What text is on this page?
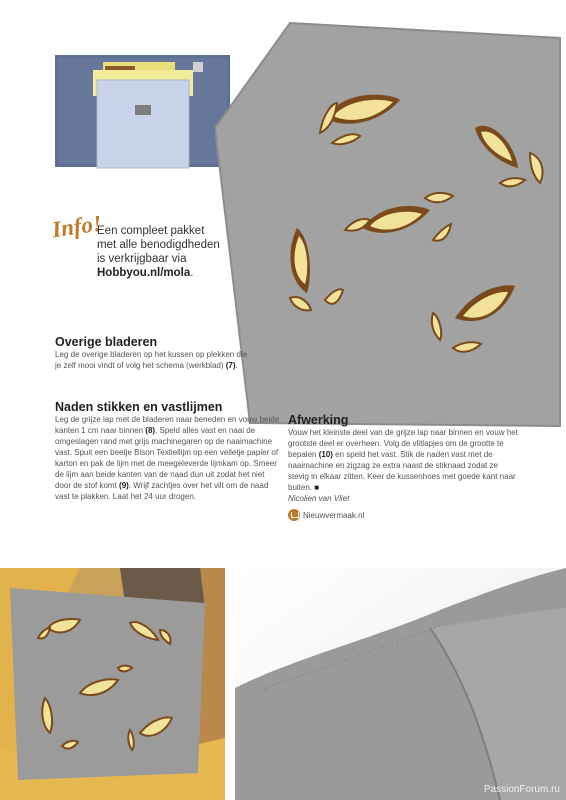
Info!
Een compleet pakket
met alle benodigdheden
is verkrijgbaar via
Hobbyou.nl/mola.
Overige bladeren
Leg de overige bladeren op het kussen op plekken die je zelf mooi vindt of volg het schema (werkblad) (7).
Naden stikken en vastlijmen
Leg de grijze lap met de bladeren naar beneden en vouw beide kanten 1 cm naar binnen (8). Speld alles vast en naai de omgeslagen rand met grijs machinegaren op de naaimachine vast. Spuit een beetje Bison Textiellijm op een velletje papier of karton en pak de lijm met de meegeleverde lijmkam op. Smeer de lijm aan beide kanten van de naad dun uit zodat het niet door de stof komt (9). Wrijf zachtjes over het vilt om de naad vast te plakken. Laat het 24 uur drogen.
Afwerking
Vouw het kleinste deel van de grijze lap naar binnen en vouw het grootste deel er overheen. Volg de vlitlapjes om de grootte te bepalen (10) en speld het vast. Stik de naden vast met de naaimachine en zigzag ze extra naast de stiknaad zodat ze stevig in elkaar zitten. Keer de kussenhoes met goede kant naar buiten. ■
Nicolien van Vliet
Nieuwvermaak.nl
PassionForum.ru
